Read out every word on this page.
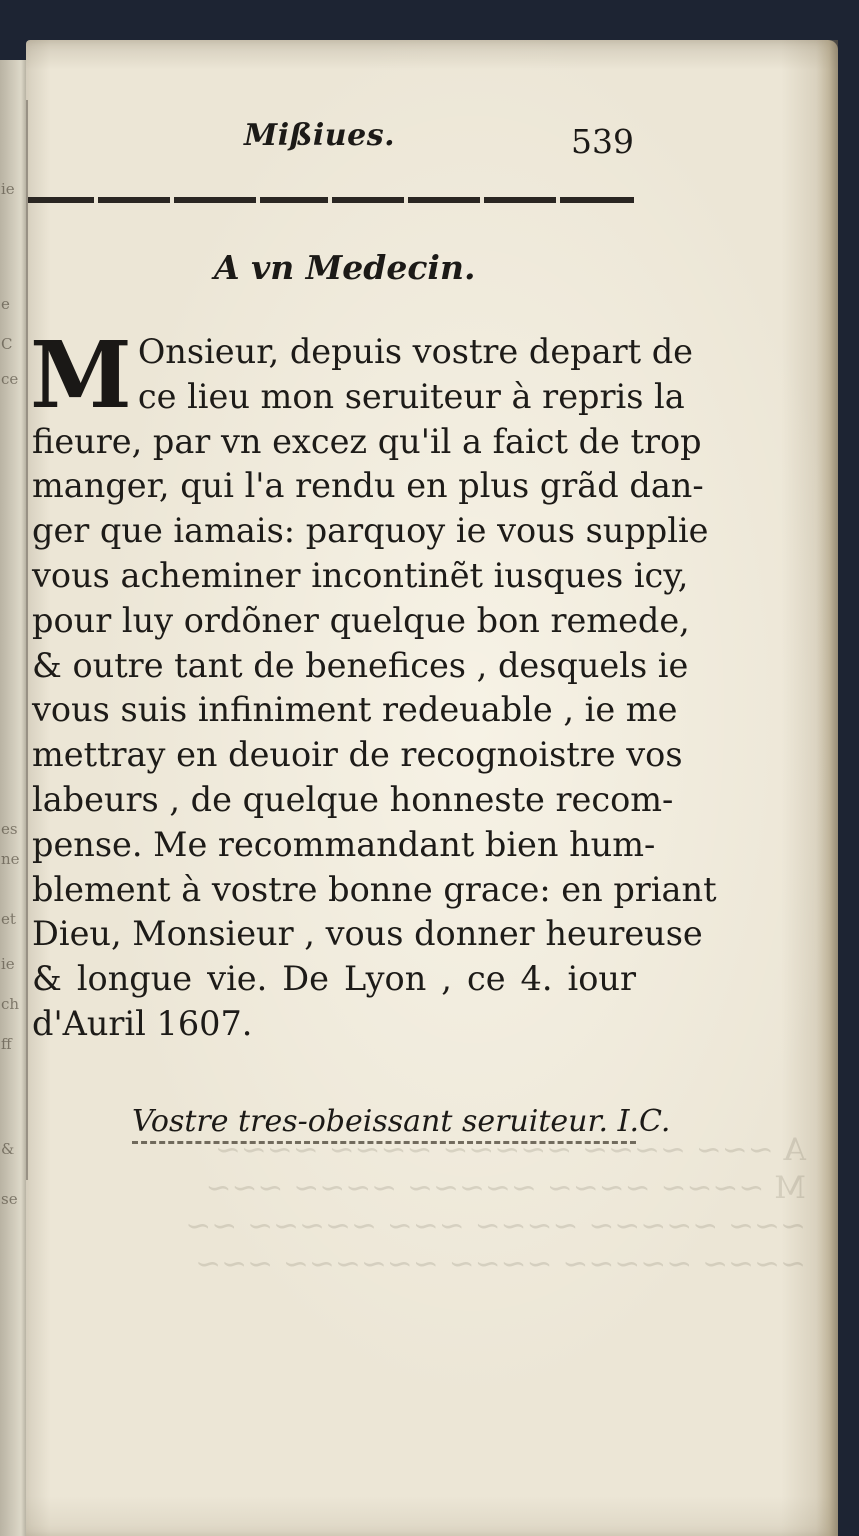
ie
e
C
ce
es
ne
et
ie
ch
ff
&
se
A ~~~ ~~~~ ~~~~~ ~~~~ ~~~~
M ~~~~ ~~~~ ~~~~~ ~~~~ ~~~
~~~ ~~~~~ ~~~~ ~~~ ~~~~~ ~~
~~~~ ~~~~~ ~~~~ ~~~~~~ ~~~
Mißiues.	539
A vn Medecin.
M Onsieur, depuis vostre depart de
ce lieu mon seruiteur à repris la
fieure, par vn excez qu'il a faict de trop
manger, qui l'a rendu en plus grãd dan-
ger que iamais: parquoy ie vous supplie
vous acheminer incontinẽt iusques icy,
pour luy ordõner quelque bon remede,
& outre tant de benefices , desquels ie
vous suis infiniment redeuable , ie me
mettray en deuoir de recognoistre vos
labeurs , de quelque honneste recom-
pense. Me recommandant bien hum-
blement à vostre bonne grace: en priant
Dieu, Monsieur , vous donner heureuse
& longue vie. De Lyon , ce 4. iour
d'Auril 1607.
Vostre tres-obeissant seruiteur. I.C.
